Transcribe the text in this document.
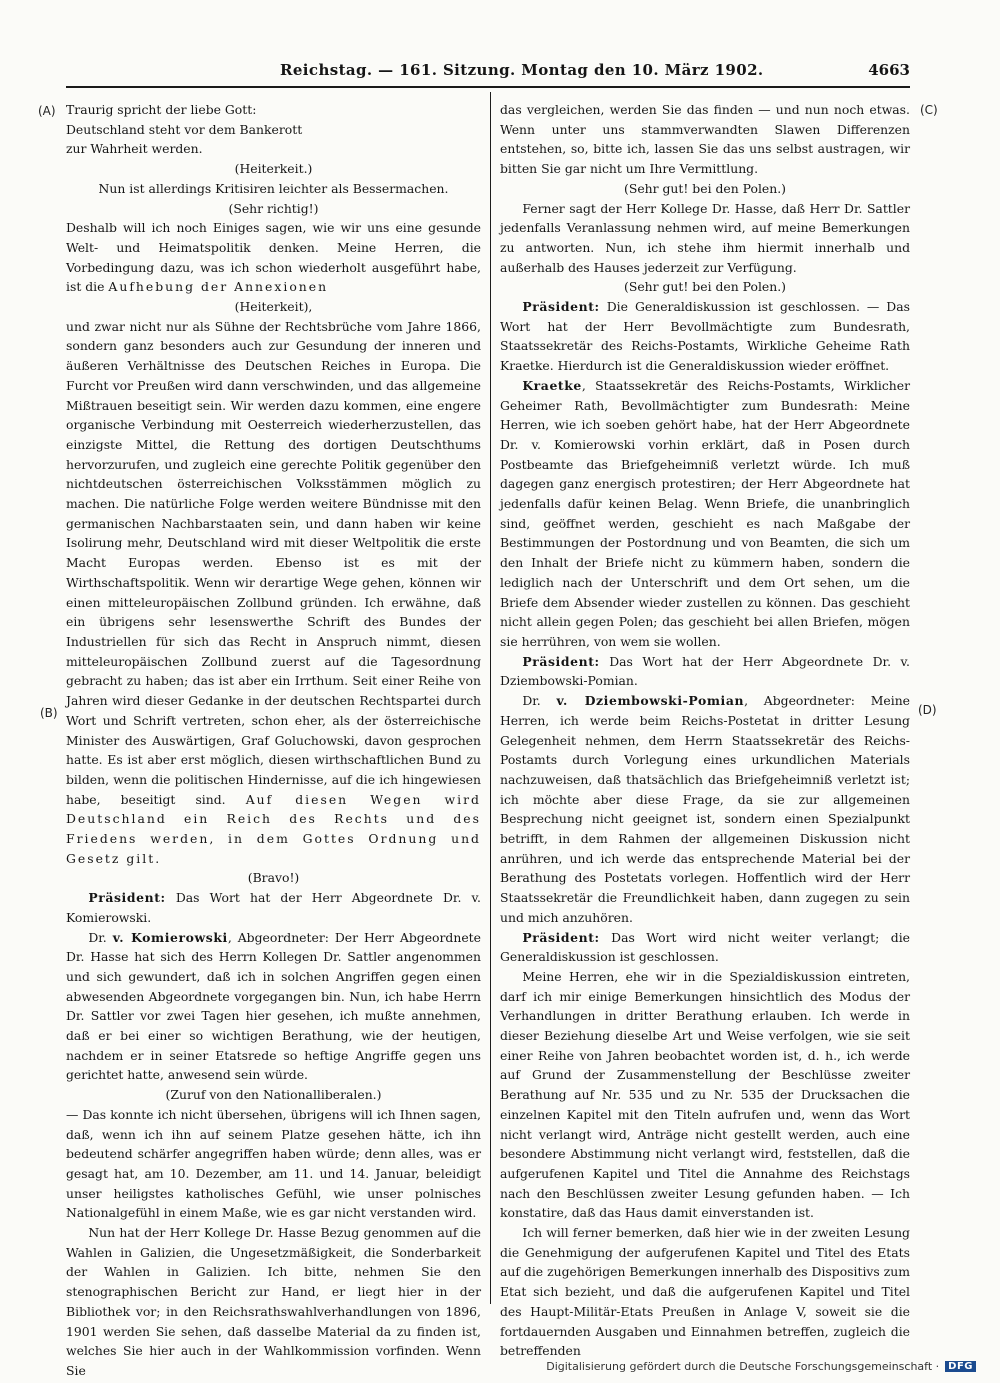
Reichstag. — 161. Sitzung. Montag den 10. März 1902.	4663
(A)
(B)
(C)
(D)

Traurig spricht der liebe Gott:

Deutschland steht vor dem Bankerott

zur Wahrheit werden.

(Heiterkeit.)

Nun ist allerdings Kritisiren leichter als Bessermachen.

(Sehr richtig!)

Deshalb will ich noch Einiges sagen, wie wir uns eine gesunde Welt- und Heimatspolitik denken. Meine Herren, die Vorbedingung dazu, was ich schon wiederholt ausgeführt habe, ist die Aufhebung der Annexionen

(Heiterkeit),

und zwar nicht nur als Sühne der Rechtsbrüche vom Jahre 1866, sondern ganz besonders auch zur Gesundung der inneren und äußeren Verhältnisse des Deutschen Reiches in Europa. Die Furcht vor Preußen wird dann verschwinden, und das allgemeine Mißtrauen beseitigt sein. Wir werden dazu kommen, eine engere organische Verbindung mit Oesterreich wiederherzustellen, das einzigste Mittel, die Rettung des dortigen Deutschthums hervorzurufen, und zugleich eine gerechte Politik gegenüber den nichtdeutschen österreichischen Volksstämmen möglich zu machen. Die natürliche Folge werden weitere Bündnisse mit den germanischen Nachbarstaaten sein, und dann haben wir keine Isolirung mehr, Deutschland wird mit dieser Weltpolitik die erste Macht Europas werden. Ebenso ist es mit der Wirthschaftspolitik. Wenn wir derartige Wege gehen, können wir einen mitteleuropäischen Zollbund gründen. Ich erwähne, daß ein übrigens sehr lesenswerthe Schrift des Bundes der Industriellen für sich das Recht in Anspruch nimmt, diesen mitteleuropäischen Zollbund zuerst auf die Tagesordnung gebracht zu haben; das ist aber ein Irrthum. Seit einer Reihe von Jahren wird dieser Gedanke in der deutschen Rechtspartei durch Wort und Schrift vertreten, schon eher, als der österreichische Minister des Auswärtigen, Graf Goluchowski, davon gesprochen hatte. Es ist aber erst möglich, diesen wirthschaftlichen Bund zu bilden, wenn die politischen Hindernisse, auf die ich hingewiesen habe, beseitigt sind. Auf diesen Wegen wird Deutschland ein Reich des Rechts und des Friedens werden, in dem Gottes Ordnung und Gesetz gilt.

(Bravo!)

Präsident: Das Wort hat der Herr Abgeordnete Dr. v. Komierowski.

Dr. v. Komierowski, Abgeordneter: Der Herr Abgeordnete Dr. Hasse hat sich des Herrn Kollegen Dr. Sattler angenommen und sich gewundert, daß ich in solchen Angriffen gegen einen abwesenden Abgeordnete vorgegangen bin. Nun, ich habe Herrn Dr. Sattler vor zwei Tagen hier gesehen, ich mußte annehmen, daß er bei einer so wichtigen Berathung, wie der heutigen, nachdem er in seiner Etatsrede so heftige Angriffe gegen uns gerichtet hatte, anwesend sein würde.

(Zuruf von den Nationalliberalen.)

— Das konnte ich nicht übersehen, übrigens will ich Ihnen sagen, daß, wenn ich ihn auf seinem Platze gesehen hätte, ich ihn bedeutend schärfer angegriffen haben würde; denn alles, was er gesagt hat, am 10. Dezember, am 11. und 14. Januar, beleidigt unser heiligstes katholisches Gefühl, wie unser polnisches Nationalgefühl in einem Maße, wie es gar nicht verstanden wird.

Nun hat der Herr Kollege Dr. Hasse Bezug genommen auf die Wahlen in Galizien, die Ungesetzmäßigkeit, die Sonderbarkeit der Wahlen in Galizien. Ich bitte, nehmen Sie den stenographischen Bericht zur Hand, er liegt hier in der Bibliothek vor; in den Reichsrathswahlverhandlungen von 1896, 1901 werden Sie sehen, daß dasselbe Material da zu finden ist, welches Sie hier auch in der Wahlkommission vorfinden. Wenn Sie

das vergleichen, werden Sie das finden — und nun noch etwas. Wenn unter uns stammverwandten Slawen Differenzen entstehen, so, bitte ich, lassen Sie das uns selbst austragen, wir bitten Sie gar nicht um Ihre Vermittlung.

(Sehr gut! bei den Polen.)

Ferner sagt der Herr Kollege Dr. Hasse, daß Herr Dr. Sattler jedenfalls Veranlassung nehmen wird, auf meine Bemerkungen zu antworten. Nun, ich stehe ihm hiermit innerhalb und außerhalb des Hauses jederzeit zur Verfügung.

(Sehr gut! bei den Polen.)

Präsident: Die Generaldiskussion ist geschlossen. — Das Wort hat der Herr Bevollmächtigte zum Bundesrath, Staatssekretär des Reichs-Postamts, Wirkliche Geheime Rath Kraetke. Hierdurch ist die Generaldiskussion wieder eröffnet.

Kraetke, Staatssekretär des Reichs-Postamts, Wirklicher Geheimer Rath, Bevollmächtigter zum Bundesrath: Meine Herren, wie ich soeben gehört habe, hat der Herr Abgeordnete Dr. v. Komierowski vorhin erklärt, daß in Posen durch Postbeamte das Briefgeheimniß verletzt würde. Ich muß dagegen ganz energisch protestiren; der Herr Abgeordnete hat jedenfalls dafür keinen Belag. Wenn Briefe, die unanbringlich sind, geöffnet werden, geschieht es nach Maßgabe der Bestimmungen der Postordnung und von Beamten, die sich um den Inhalt der Briefe nicht zu kümmern haben, sondern die lediglich nach der Unterschrift und dem Ort sehen, um die Briefe dem Absender wieder zustellen zu können. Das geschieht nicht allein gegen Polen; das geschieht bei allen Briefen, mögen sie herrühren, von wem sie wollen.

Präsident: Das Wort hat der Herr Abgeordnete Dr. v. Dziembowski-Pomian.

Dr. v. Dziembowski-Pomian, Abgeordneter: Meine Herren, ich werde beim Reichs-Postetat in dritter Lesung Gelegenheit nehmen, dem Herrn Staatssekretär des Reichs-Postamts durch Vorlegung eines urkundlichen Materials nachzuweisen, daß thatsächlich das Briefgeheimniß verletzt ist; ich möchte aber diese Frage, da sie zur allgemeinen Besprechung nicht geeignet ist, sondern einen Spezialpunkt betrifft, in dem Rahmen der allgemeinen Diskussion nicht anrühren, und ich werde das entsprechende Material bei der Berathung des Postetats vorlegen. Hoffentlich wird der Herr Staatssekretär die Freundlichkeit haben, dann zugegen zu sein und mich anzuhören.

Präsident: Das Wort wird nicht weiter verlangt; die Generaldiskussion ist geschlossen.

Meine Herren, ehe wir in die Spezialdiskussion eintreten, darf ich mir einige Bemerkungen hinsichtlich des Modus der Verhandlungen in dritter Berathung erlauben. Ich werde in dieser Beziehung dieselbe Art und Weise verfolgen, wie sie seit einer Reihe von Jahren beobachtet worden ist, d. h., ich werde auf Grund der Zusammenstellung der Beschlüsse zweiter Berathung auf Nr. 535 und zu Nr. 535 der Drucksachen die einzelnen Kapitel mit den Titeln aufrufen und, wenn das Wort nicht verlangt wird, Anträge nicht gestellt werden, auch eine besondere Abstimmung nicht verlangt wird, feststellen, daß die aufgerufenen Kapitel und Titel die Annahme des Reichstags nach den Beschlüssen zweiter Lesung gefunden haben. — Ich konstatire, daß das Haus damit einverstanden ist.

Ich will ferner bemerken, daß hier wie in der zweiten Lesung die Genehmigung der aufgerufenen Kapitel und Titel des Etats auf die zugehörigen Bemerkungen innerhalb des Dispositivs zum Etat sich bezieht, und daß die aufgerufenen Kapitel und Titel des Haupt-Militär-Etats Preußen in Anlage V, soweit sie die fortdauernden Ausgaben und Einnahmen betreffen, zugleich die betreffenden

Digitalisierung gefördert durch die Deutsche Forschungsgemeinschaft · DFG
